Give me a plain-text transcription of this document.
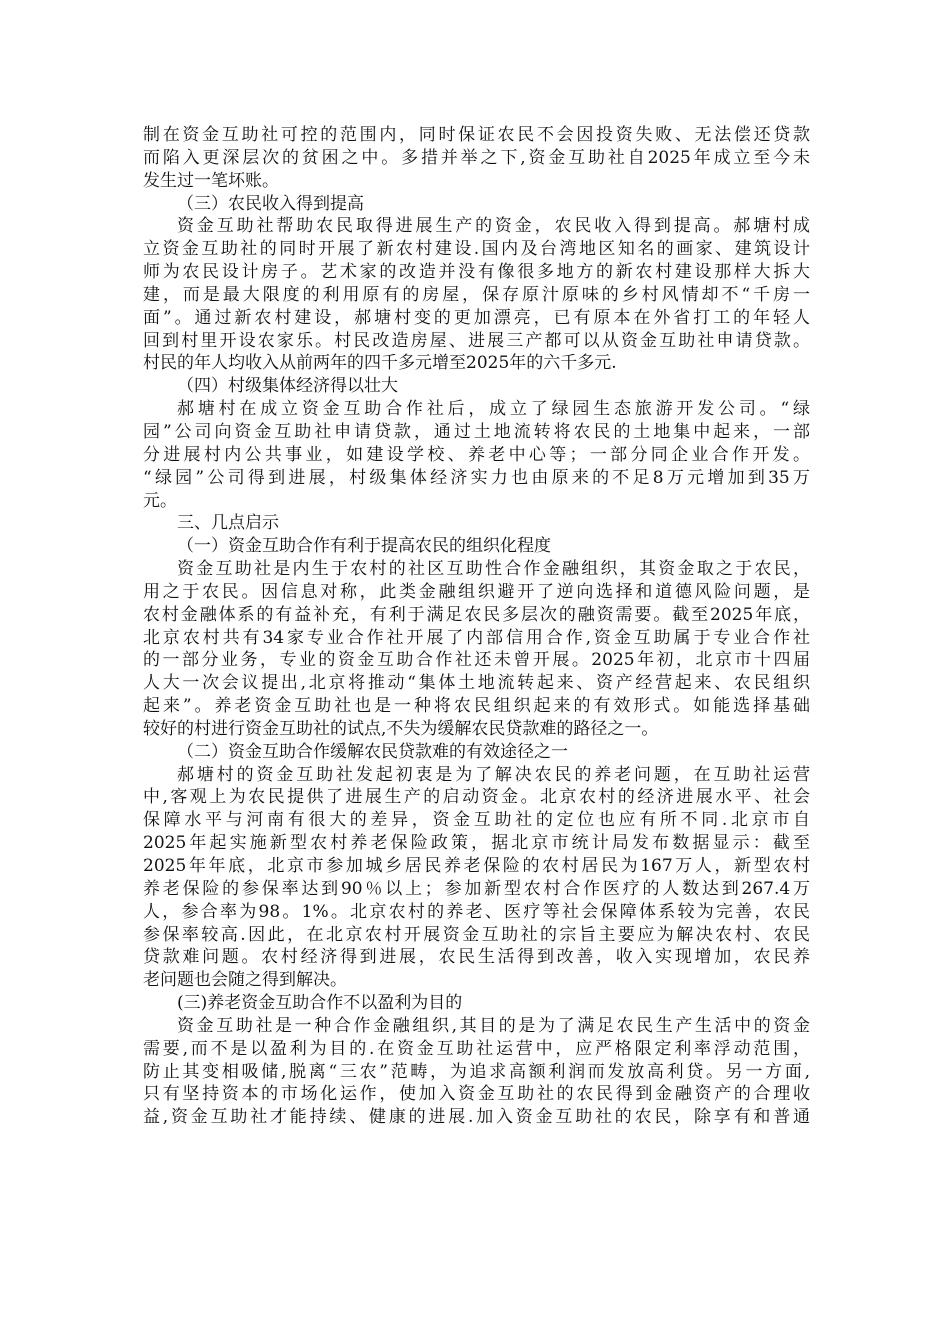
制在资金互助社可控的范围内，同时保证农民不会因投资失败、无法偿还贷款
而陷入更深层次的贫困之中。多措并举之下,资金互助社自2025年成立至今未
发生过一笔坏账。
（三）农民收入得到提高
资金互助社帮助农民取得进展生产的资金，农民收入得到提高。郝塘村成
立资金互助社的同时开展了新农村建设.国内及台湾地区知名的画家、建筑设计
师为农民设计房子。艺术家的改造并没有像很多地方的新农村建设那样大拆大
建，而是最大限度的利用原有的房屋，保存原汁原味的乡村风情却不“千房一
面”。通过新农村建设，郝塘村变的更加漂亮，已有原本在外省打工的年轻人
回到村里开设农家乐。村民改造房屋、进展三产都可以从资金互助社申请贷款。
村民的年人均收入从前两年的四千多元增至2025年的六千多元.
（四）村级集体经济得以壮大
郝塘村在成立资金互助合作社后，成立了绿园生态旅游开发公司。“绿
园”公司向资金互助社申请贷款，通过土地流转将农民的土地集中起来，一部
分进展村内公共事业，如建设学校、养老中心等；一部分同企业合作开发。
“绿园”公司得到进展，村级集体经济实力也由原来的不足8万元增加到35万
元。
三、几点启示
（一）资金互助合作有利于提高农民的组织化程度
资金互助社是内生于农村的社区互助性合作金融组织，其资金取之于农民，
用之于农民。因信息对称，此类金融组织避开了逆向选择和道德风险问题，是
农村金融体系的有益补充，有利于满足农民多层次的融资需要。截至2025年底，
北京农村共有34家专业合作社开展了内部信用合作,资金互助属于专业合作社
的一部分业务，专业的资金互助合作社还未曾开展。2025年初，北京市十四届
人大一次会议提出,北京将推动“集体土地流转起来、资产经营起来、农民组织
起来”。养老资金互助社也是一种将农民组织起来的有效形式。如能选择基础
较好的村进行资金互助社的试点,不失为缓解农民贷款难的路径之一。
（二）资金互助合作缓解农民贷款难的有效途径之一
郝塘村的资金互助社发起初衷是为了解决农民的养老问题，在互助社运营
中,客观上为农民提供了进展生产的启动资金。北京农村的经济进展水平、社会
保障水平与河南有很大的差异，资金互助社的定位也应有所不同.北京市自
2025年起实施新型农村养老保险政策，据北京市统计局发布数据显示：截至
2025年年底，北京市参加城乡居民养老保险的农村居民为167万人，新型农村
养老保险的参保率达到90％以上；参加新型农村合作医疗的人数达到267.4万
人，参合率为98。1%。北京农村的养老、医疗等社会保障体系较为完善，农民
参保率较高.因此，在北京农村开展资金互助社的宗旨主要应为解决农村、农民
贷款难问题。农村经济得到进展，农民生活得到改善，收入实现增加，农民养
老问题也会随之得到解决。
(三)养老资金互助合作不以盈利为目的
资金互助社是一种合作金融组织,其目的是为了满足农民生产生活中的资金
需要,而不是以盈利为目的.在资金互助社运营中，应严格限定利率浮动范围，
防止其变相吸储,脱离“三农”范畴，为追求高额利润而发放高利贷。另一方面,
只有坚持资本的市场化运作，使加入资金互助社的农民得到金融资产的合理收
益,资金互助社才能持续、健康的进展.加入资金互助社的农民，除享有和普通
